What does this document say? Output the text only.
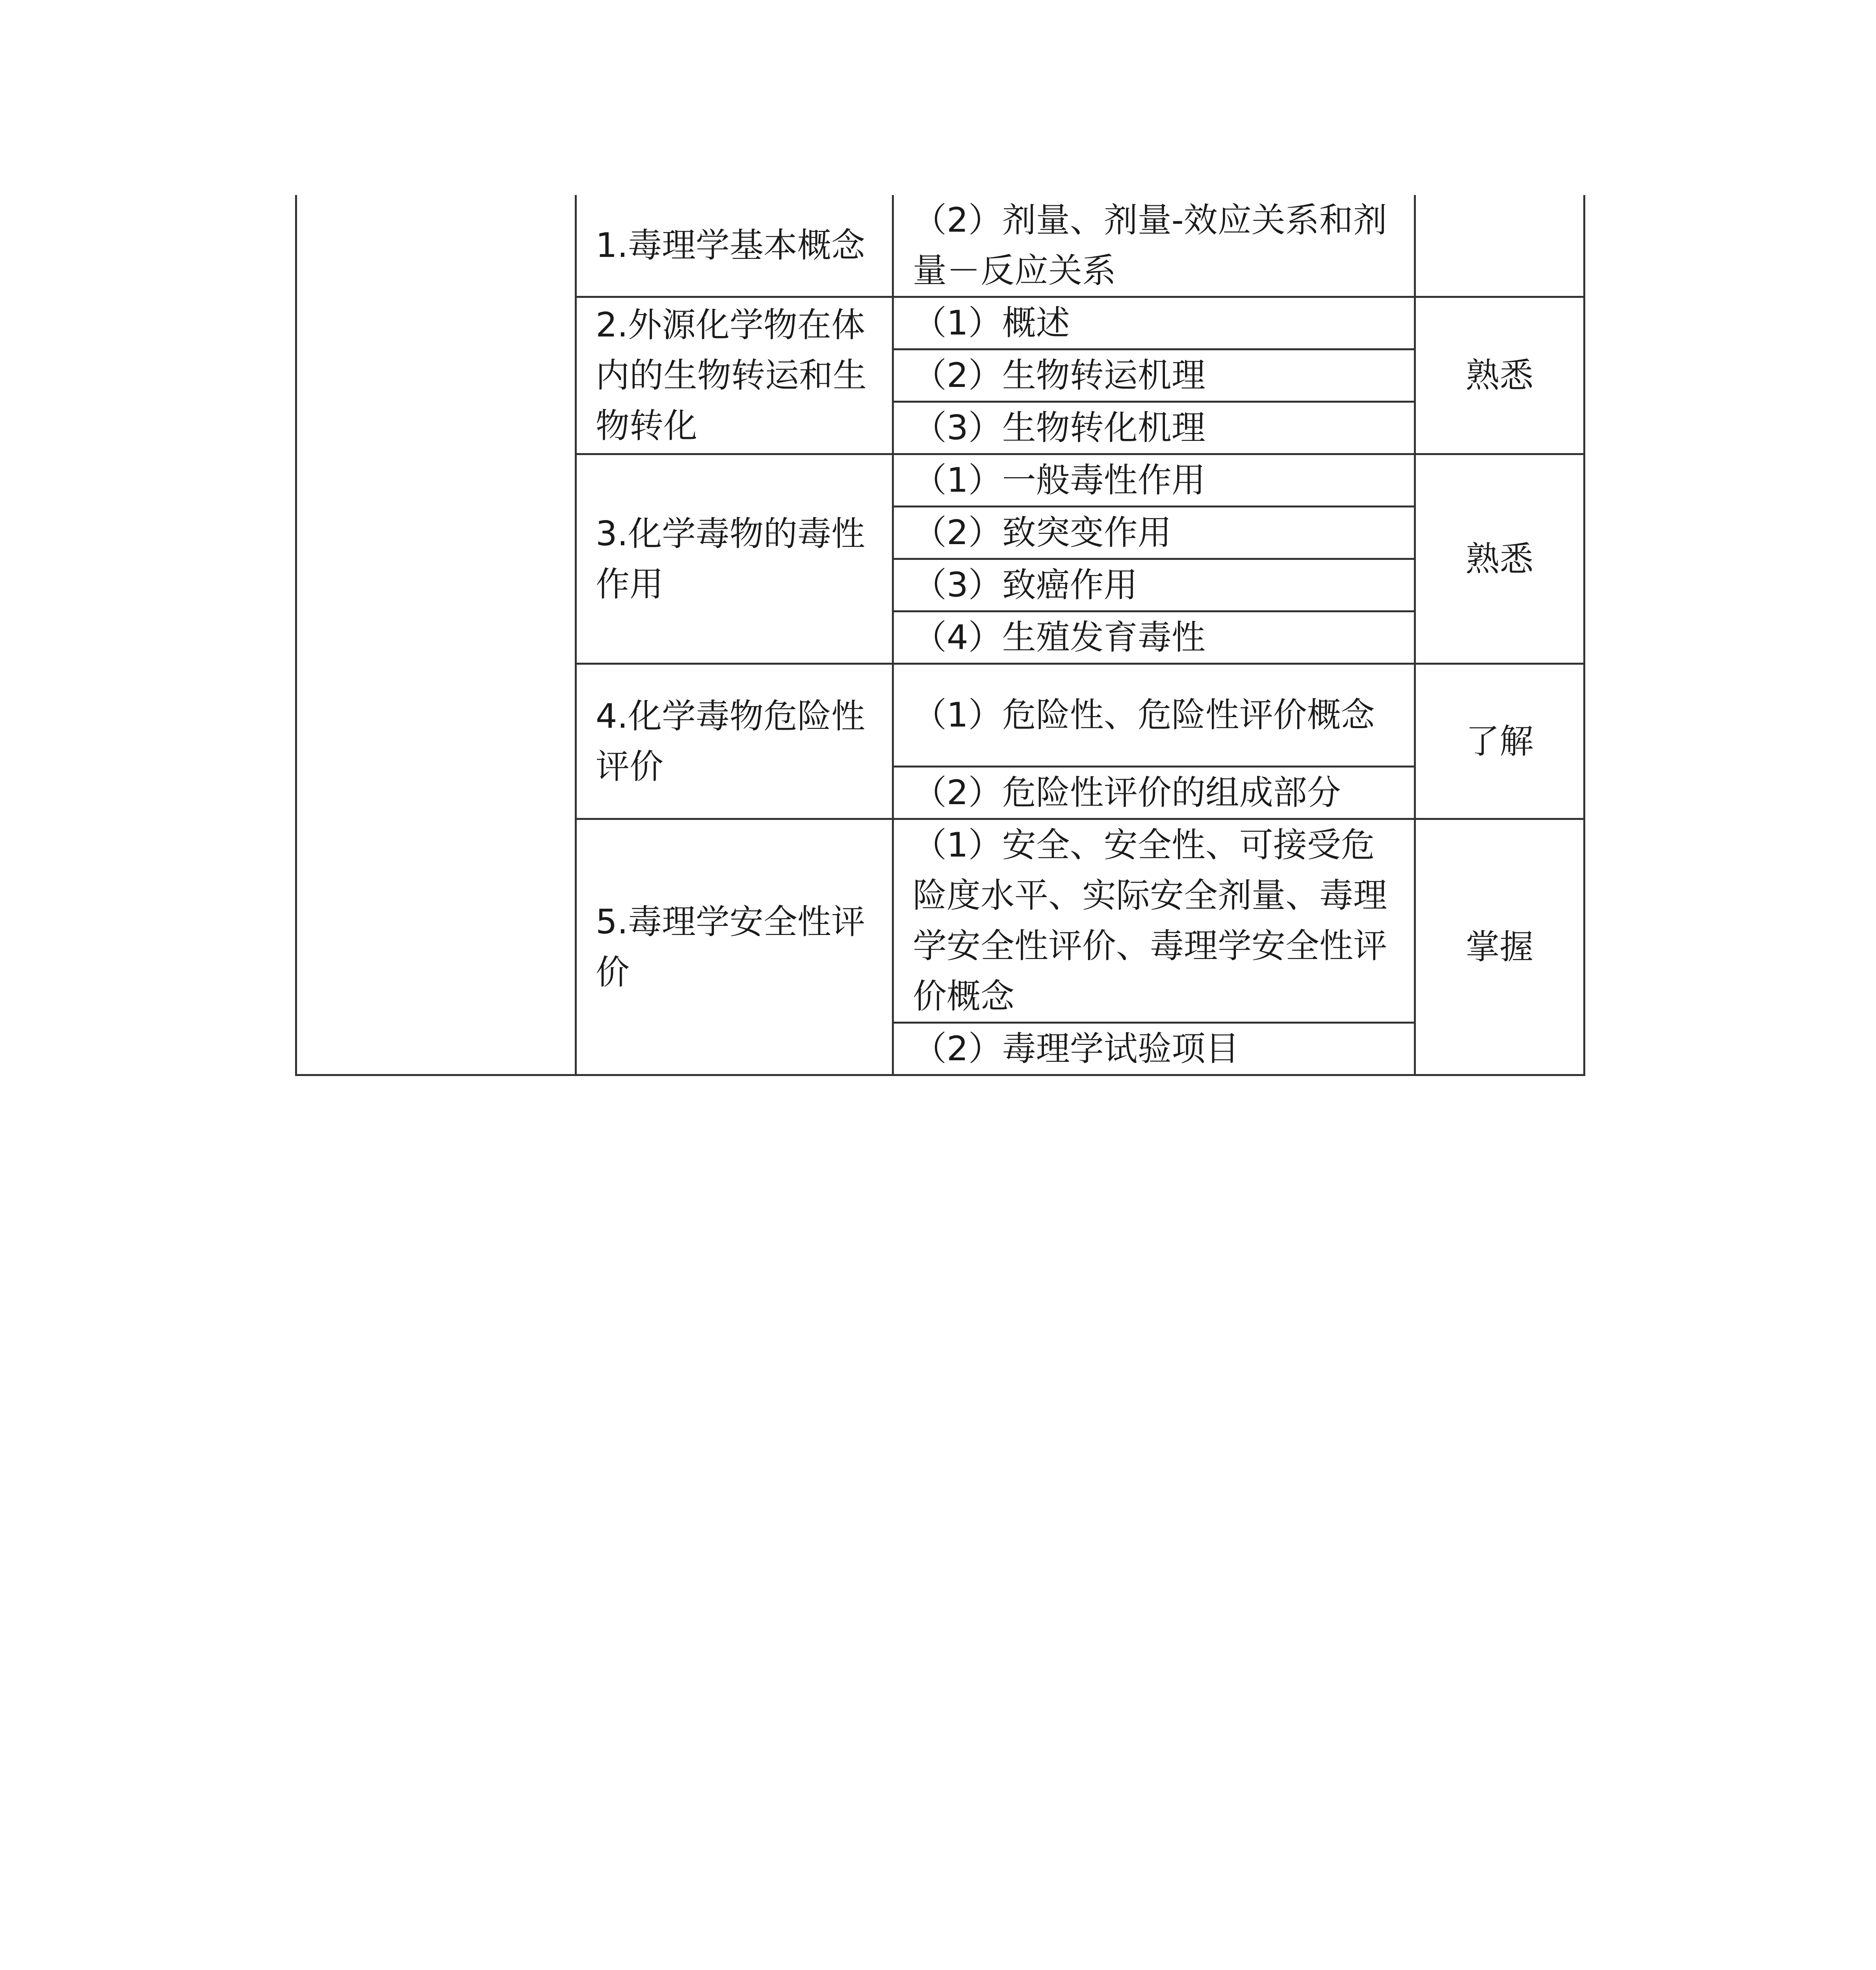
	1.毒理学基本概念	（2）剂量、剂量-效应关系和剂量－反应关系	
	2.外源化学物在体内的生物转运和生物转化	（1）概述	熟悉
		（2）生物转运机理	
		（3）生物转化机理	
	3.化学毒物的毒性作用	（1）一般毒性作用	熟悉
		（2）致突变作用	
		（3）致癌作用	
		（4）生殖发育毒性	
	4.化学毒物危险性评价	（1）危险性、危险性评价概念	了解
		（2）危险性评价的组成部分	
	5.毒理学安全性评价	（1）安全、安全性、可接受危险度水平、实际安全剂量、毒理学安全性评价、毒理学安全性评价概念	掌握
		（2）毒理学试验项目	
